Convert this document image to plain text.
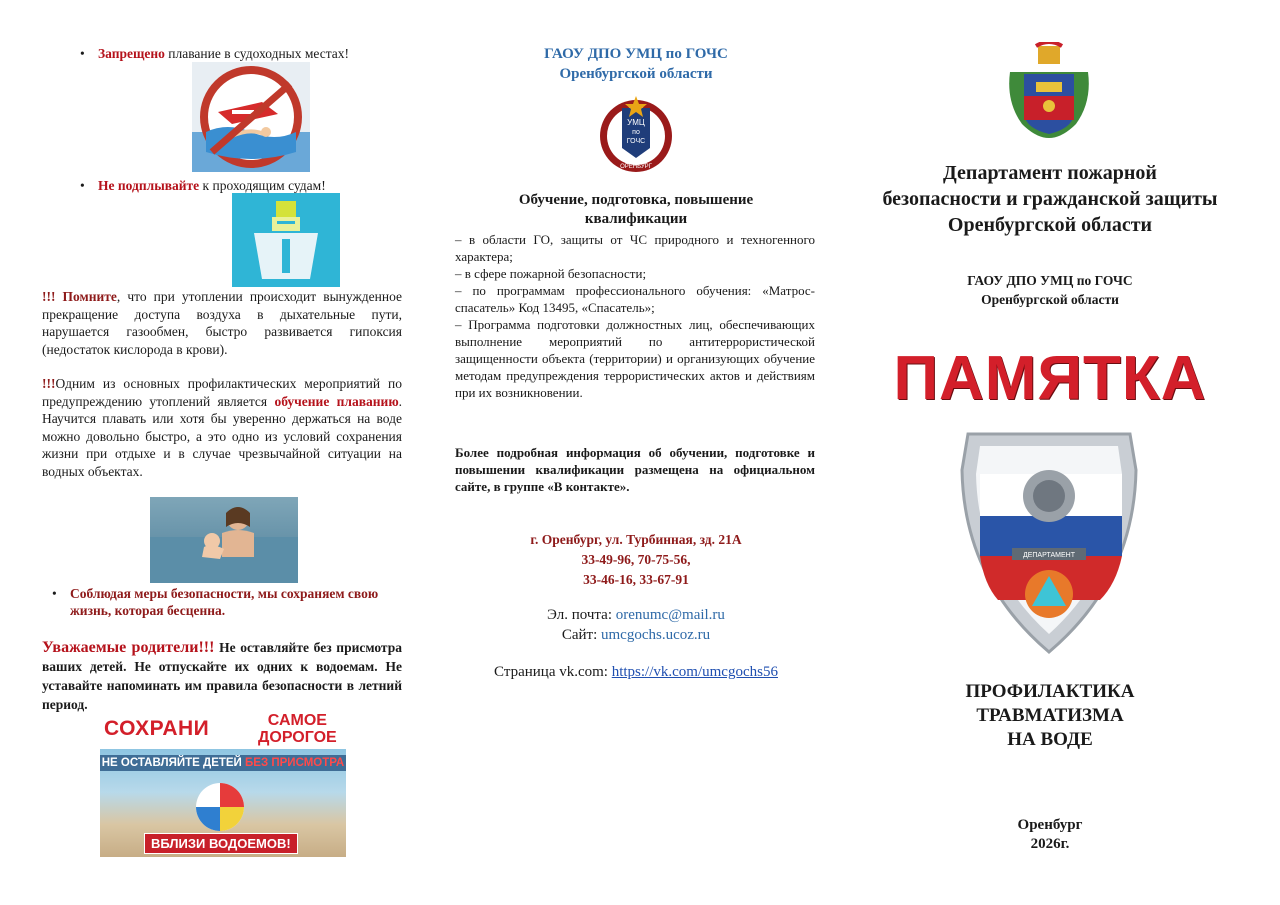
• Запрещено плавание в судоходных местах!
• Не подплывайте к проходящим судам!
!!! Помните, что при утоплении происходит вынужденное прекращение доступа воздуха в дыхательные пути, нарушается газообмен, быстро развивается гипоксия (недостаток кислорода в крови).
!!!Одним из основных профилактических мероприятий по предупреждению утоплений является обучение плаванию. Научится плавать или хотя бы уверенно держаться на воде можно довольно быстро, а это одно из условий сохранения жизни при отдыхе и в случае чрезвычайной ситуации на водных объектах.
• Соблюдая меры безопасности, мы сохраняем свою жизнь, которая бесценна.
Уважаемые родители!!! Не оставляйте без присмотра ваших детей. Не отпускайте их одних к водоемам. Не уставайте напоминать им правила безопасности в летний период.
СОХРАНИ	САМОЕ
ДОРОГОЕ
НЕ ОСТАВЛЯЙТЕ ДЕТЕЙ БЕЗ ПРИСМОТРА
ВБЛИЗИ ВОДОЕМОВ!
ГАОУ ДПО УМЦ по ГОЧС
Оренбургской области
УМЦ
по
ГОЧС
ОРЕНБУРГ
Обучение, подготовка, повышение квалификации
– в области ГО, защиты от ЧС природного и техногенного характера;
– в сфере пожарной безопасности;
– по программам профессионального обучения: «Матрос-спасатель» Код 13495, «Спасатель»;
– Программа подготовки должностных лиц, обеспечивающих выполнение мероприятий по антитеррористической защищенности объекта (территории) и организующих обучение методам предупреждения террористических актов и действиям при их возникновении.
Более подробная информация об обучении, подготовке и повышении квалификации размещена на официальном сайте, в группе «В контакте».
г. Оренбург, ул. Турбинная, зд. 21А
33-49-96, 70-75-56,
33-46-16, 33-67-91
Эл. почта: orenumc@mail.ru
Сайт: umcgochs.ucoz.ru
Страница vk.com: https://vk.com/umcgochs56
Департамент пожарной
безопасности и гражданской защиты
Оренбургской области
ГАОУ ДПО УМЦ по ГОЧС
Оренбургской области
ПАМЯТКА
ДЕПАРТАМЕНТ
ПРОФИЛАКТИКА
ТРАВМАТИЗМА
НА ВОДЕ
Оренбург
2026г.
